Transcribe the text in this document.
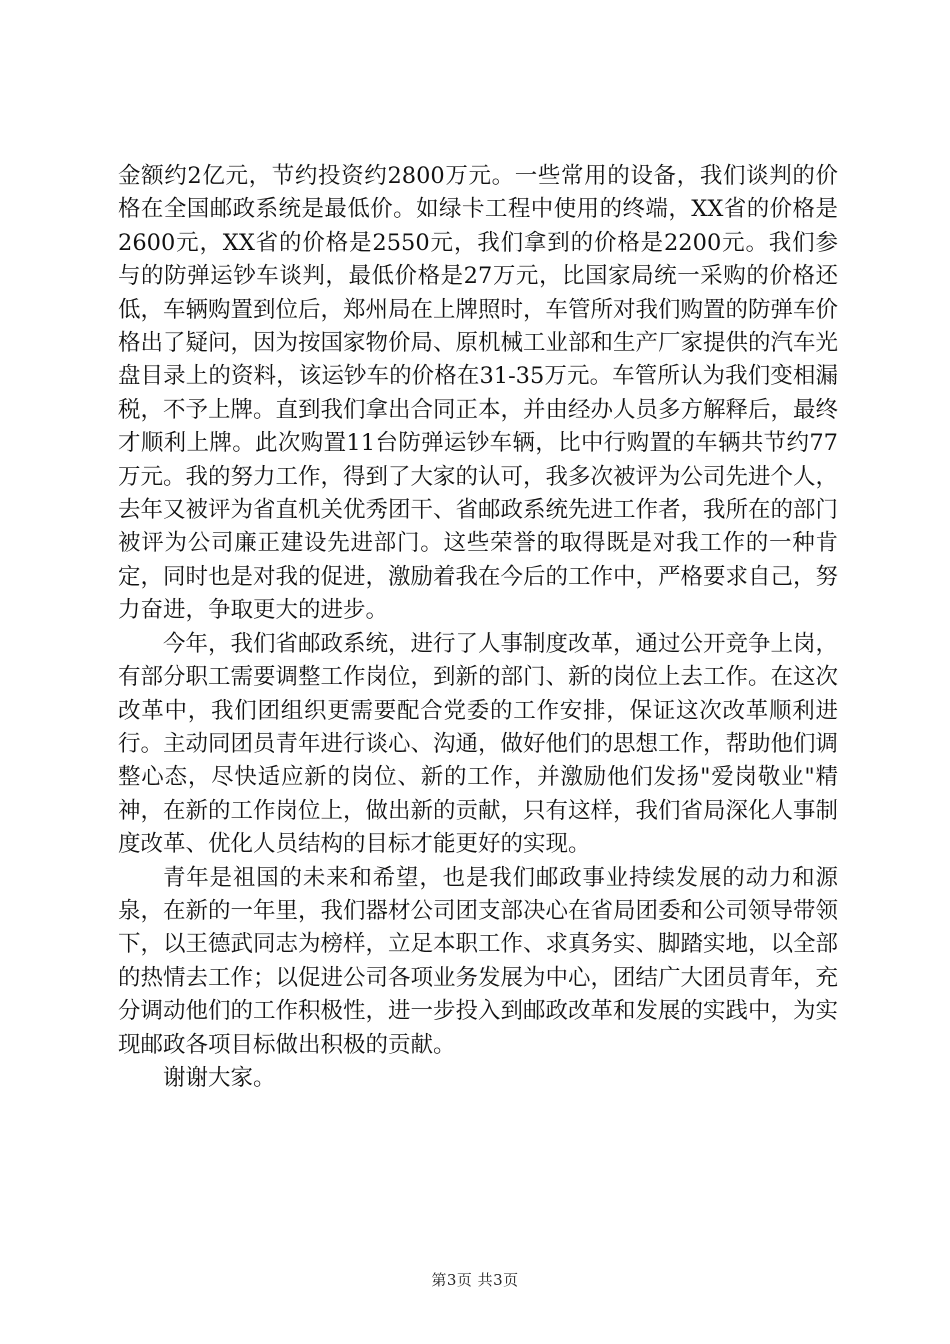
金额约2亿元，节约投资约2800万元。一些常用的设备，我们谈判的价格在全国邮政系统是最低价。如绿卡工程中使用的终端，XX省的价格是2600元，XX省的价格是2550元，我们拿到的价格是2200元。我们参与的防弹运钞车谈判，最低价格是27万元，比国家局统一采购的价格还低，车辆购置到位后，郑州局在上牌照时，车管所对我们购置的防弹车价格出了疑问，因为按国家物价局、原机械工业部和生产厂家提供的汽车光盘目录上的资料，该运钞车的价格在31-35万元。车管所认为我们变相漏税，不予上牌。直到我们拿出合同正本，并由经办人员多方解释后，最终才顺利上牌。此次购置11台防弹运钞车辆，比中行购置的车辆共节约77万元。我的努力工作，得到了大家的认可，我多次被评为公司先进个人，去年又被评为省直机关优秀团干、省邮政系统先进工作者，我所在的部门被评为公司廉正建设先进部门。这些荣誉的取得既是对我工作的一种肯定，同时也是对我的促进，激励着我在今后的工作中，严格要求自己，努力奋进，争取更大的进步。

今年，我们省邮政系统，进行了人事制度改革，通过公开竞争上岗，有部分职工需要调整工作岗位，到新的部门、新的岗位上去工作。在这次改革中，我们团组织更需要配合党委的工作安排，保证这次改革顺利进行。主动同团员青年进行谈心、沟通，做好他们的思想工作，帮助他们调整心态，尽快适应新的岗位、新的工作，并激励他们发扬"爱岗敬业"精神，在新的工作岗位上，做出新的贡献，只有这样，我们省局深化人事制度改革、优化人员结构的目标才能更好的实现。

青年是祖国的未来和希望，也是我们邮政事业持续发展的动力和源泉，在新的一年里，我们器材公司团支部决心在省局团委和公司领导带领下，以王德武同志为榜样，立足本职工作、求真务实、脚踏实地，以全部的热情去工作；以促进公司各项业务发展为中心，团结广大团员青年，充分调动他们的工作积极性，进一步投入到邮政改革和发展的实践中，为实现邮政各项目标做出积极的贡献。

谢谢大家。

第3页 共3页
